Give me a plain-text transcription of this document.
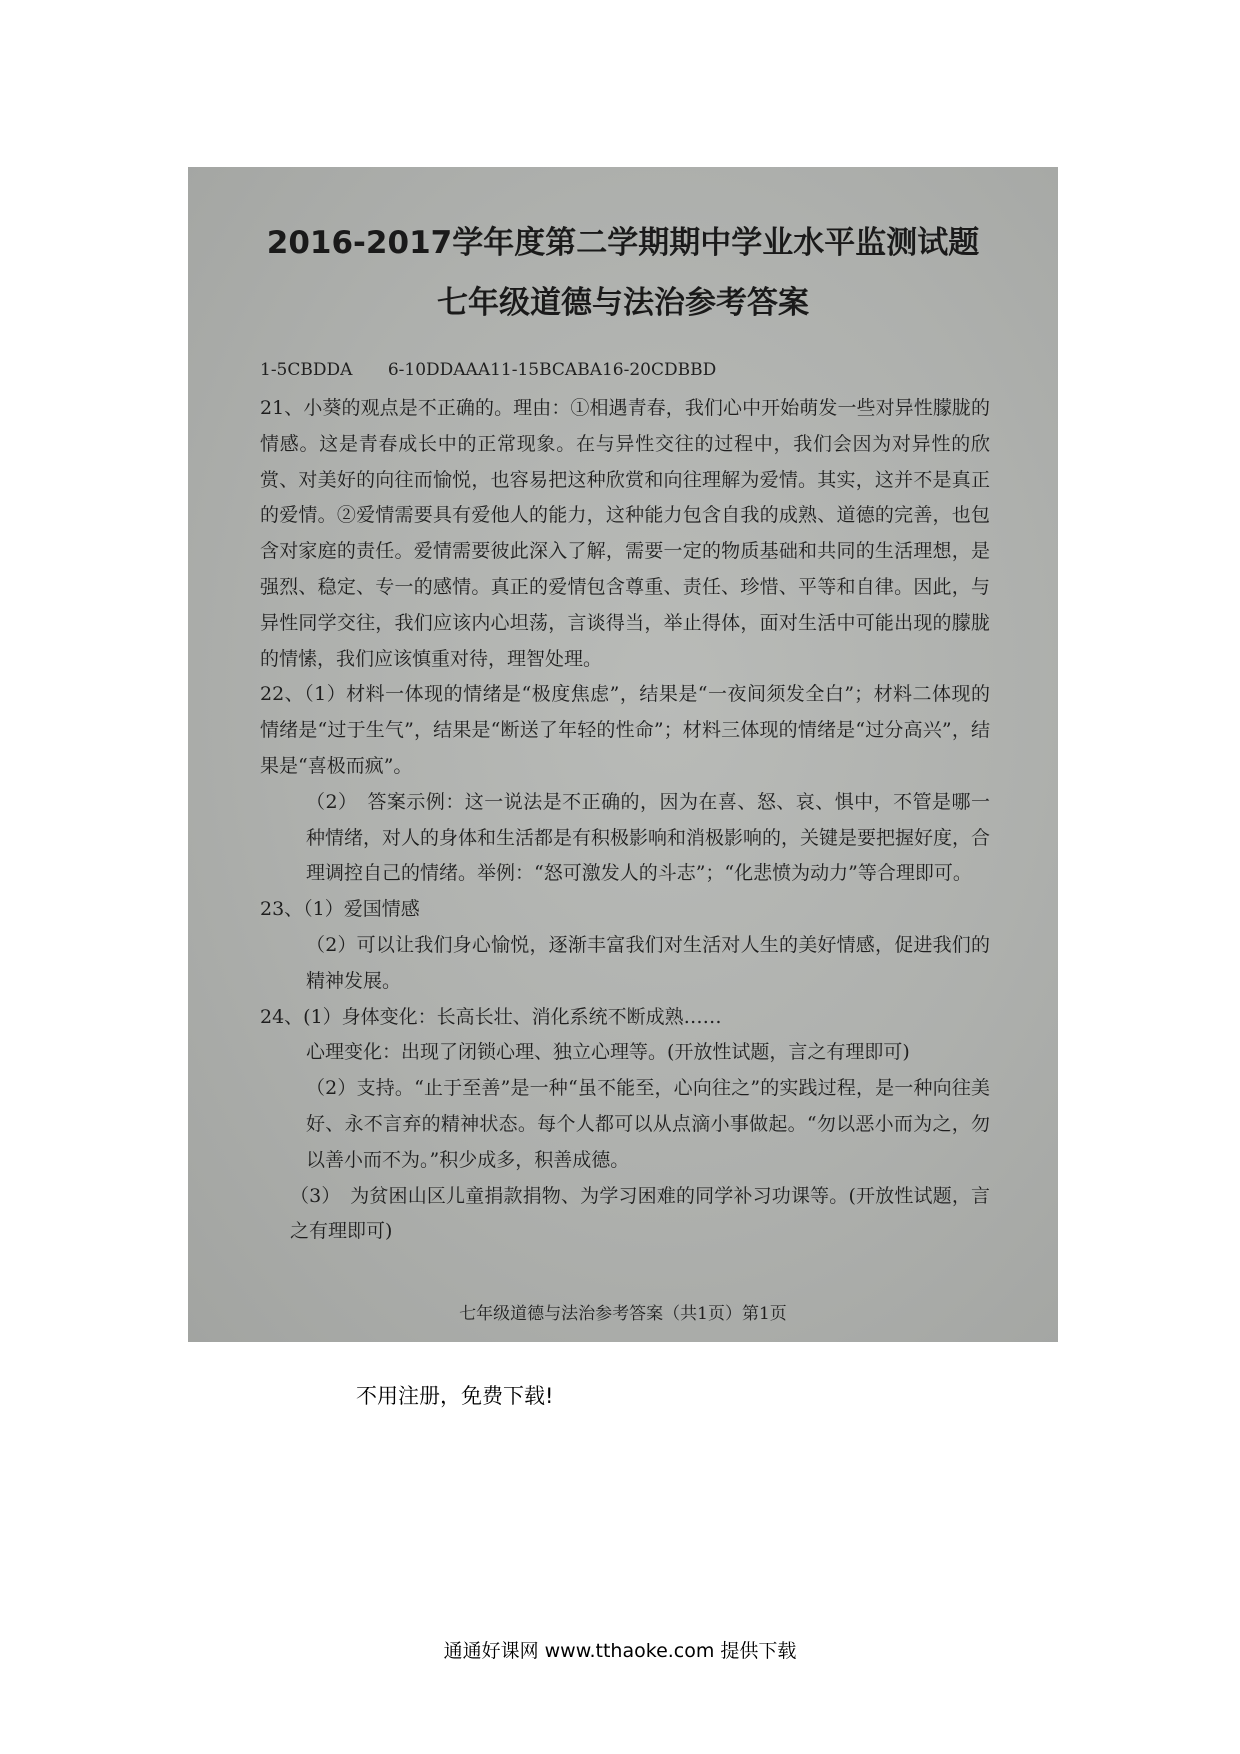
2016-2017学年度第二学期期中学业水平监测试题
七年级道德与法治参考答案
1-5CBDDA 6-10DDAAA11-15BCABA16-20CDBBD

21、小葵的观点是不正确的。理由：①相遇青春，我们心中开始萌发一些对异性朦胧的情感。这是青春成长中的正常现象。在与异性交往的过程中，我们会因为对异性的欣赏、对美好的向往而愉悦，也容易把这种欣赏和向往理解为爱情。其实，这并不是真正的爱情。②爱情需要具有爱他人的能力，这种能力包含自我的成熟、道德的完善，也包含对家庭的责任。爱情需要彼此深入了解，需要一定的物质基础和共同的生活理想，是强烈、稳定、专一的感情。真正的爱情包含尊重、责任、珍惜、平等和自律。因此，与异性同学交往，我们应该内心坦荡，言谈得当，举止得体，面对生活中可能出现的朦胧的情愫，我们应该慎重对待，理智处理。

22、（1）材料一体现的情绪是“极度焦虑”，结果是“一夜间须发全白”；材料二体现的情绪是“过于生气”，结果是“断送了年轻的性命”；材料三体现的情绪是“过分高兴”，结果是“喜极而疯”。

（2）　答案示例：这一说法是不正确的，因为在喜、怒、哀、惧中，不管是哪一种情绪，对人的身体和生活都是有积极影响和消极影响的，关键是要把握好度，合理调控自己的情绪。举例：“怒可激发人的斗志”；“化悲愤为动力”等合理即可。

23、（1）爱国情感

（2）可以让我们身心愉悦，逐渐丰富我们对生活对人生的美好情感，促进我们的精神发展。

24、(1）身体变化：长高长壮、消化系统不断成熟……

心理变化：出现了闭锁心理、独立心理等。(开放性试题，言之有理即可)

（2）支持。“止于至善”是一种“虽不能至，心向往之”的实践过程，是一种向往美好、永不言弃的精神状态。每个人都可以从点滴小事做起。“勿以恶小而为之，勿以善小而不为。”积少成多，积善成德。

（3）　为贫困山区儿童捐款捐物、为学习困难的同学补习功课等。(开放性试题，言之有理即可)

七年级道德与法治参考答案（共1页）第1页
不用注册，免费下载!
通通好课网 www.tthaoke.com 提供下载
